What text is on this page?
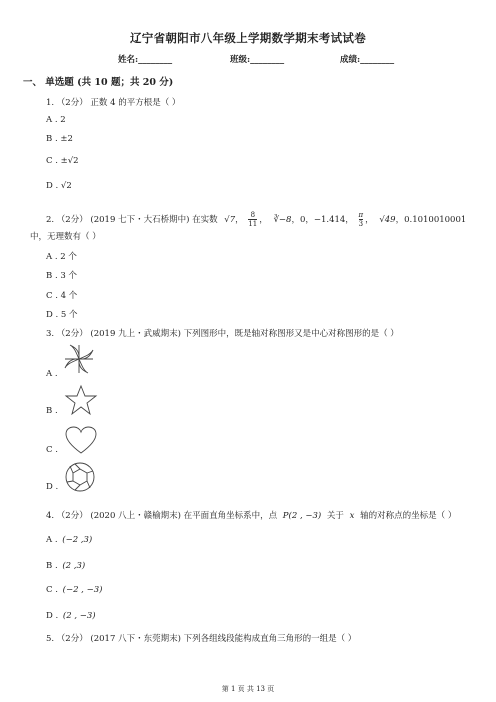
辽宁省朝阳市八年级上学期数学期末考试试卷
姓名:________	班级:________	成绩:________
一、 单选题 (共 10 题；共 20 分)
1. （2分） 正数 4 的平方根是（ ）
A . 2
B . ±2
C . ±√2
D . √2
2. （2分） (2019 七下・大石桥期中) 在实数 √7， $\frac{8}{11}$ ， ∛−8，0，−1.414， $\frac{\pi}{3}$ ， √49，0.1010010001
中，无理数有（ ）
A . 2 个
B . 3 个
C . 4 个
D . 5 个
3. （2分） (2019 九上・武威期末) 下列图形中，既是轴对称图形又是中心对称图形的是（ ）
A .
B .
C .
D .
4. （2分） (2020 八上・赣榆期末) 在平面直角坐标系中，点 P(2 , −3) 关于 x 轴的对称点的坐标是（ ）
A . (−2 ,3)
B . (2 ,3)
C . (−2 , −3)
D . (2 , −3)
5. （2分） (2017 八下・东莞期末) 下列各组线段能构成直角三角形的一组是（ ）
第 1 页 共 13 页
